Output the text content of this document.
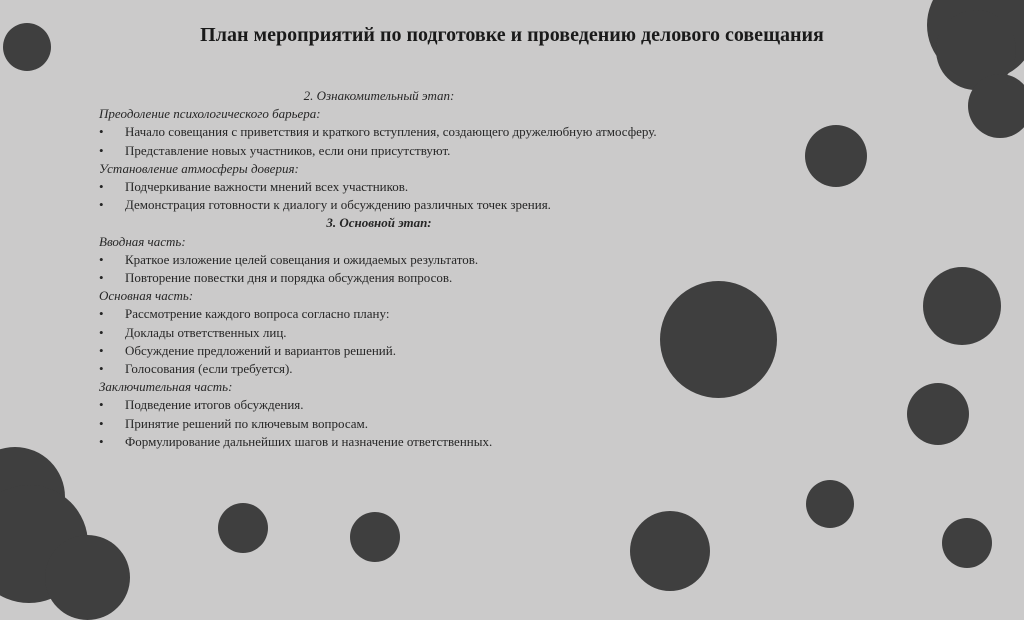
План мероприятий по подготовке и проведению делового совещания
2. Ознакомительный этап:
Преодоление психологического барьера:
• Начало совещания с приветствия и краткого вступления, создающего дружелюбную атмосферу.
• Представление новых участников, если они присутствуют.
Установление атмосферы доверия:
• Подчеркивание важности мнений всех участников.
• Демонстрация готовности к диалогу и обсуждению различных точек зрения.
3. Основной этап:
Вводная часть:
• Краткое изложение целей совещания и ожидаемых результатов.
• Повторение повестки дня и порядка обсуждения вопросов.
Основная часть:
• Рассмотрение каждого вопроса согласно плану:
• Доклады ответственных лиц.
• Обсуждение предложений и вариантов решений.
• Голосования (если требуется).
Заключительная часть:
• Подведение итогов обсуждения.
• Принятие решений по ключевым вопросам.
• Формулирование дальнейших шагов и назначение ответственных.
